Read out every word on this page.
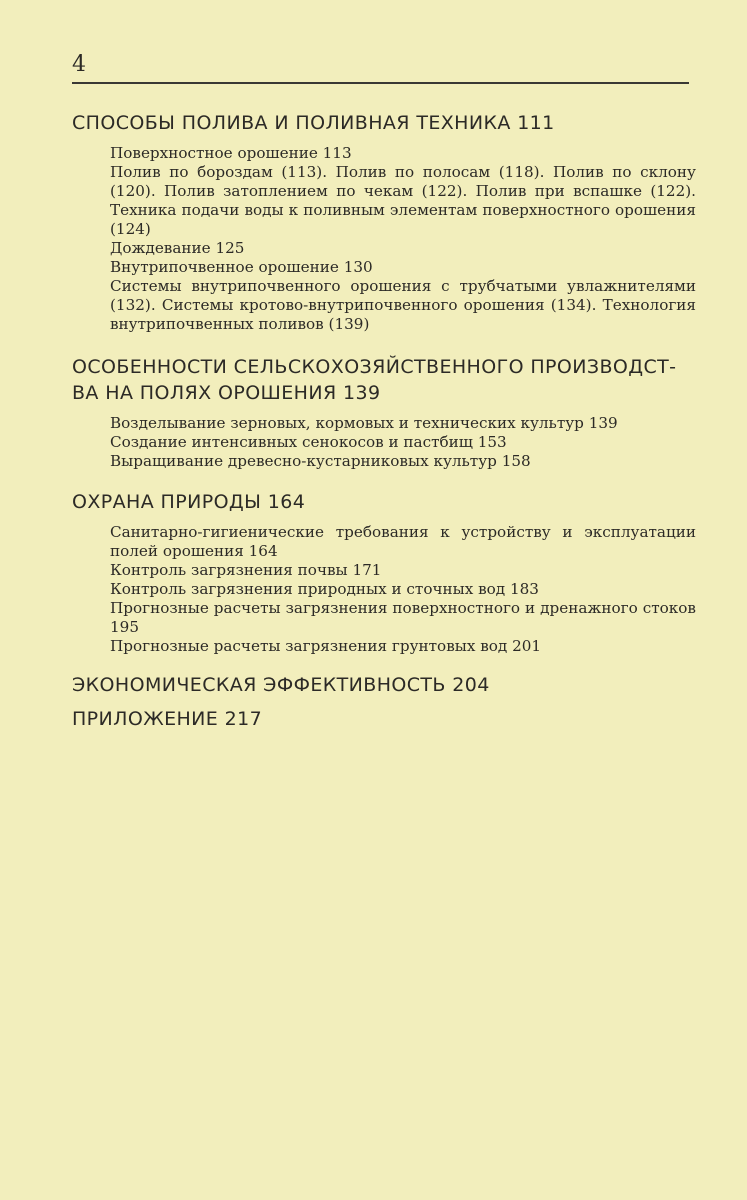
4
СПОСОБЫ ПОЛИВА И ПОЛИВНАЯ ТЕХНИКА 111
Поверхностное орошение 113
Полив по бороздам (113). Полив по полосам (118). Полив по склону (120). Полив затоплением по чекам (122). Полив при вспашке (122). Техника подачи воды к поливным элементам поверхностного орошения (124)
Дождевание 125
Внутрипочвенное орошение 130
Системы внутрипочвенного орошения с трубчатыми увлажнителями (132). Системы кротово-внутрипочвенного орошения (134). Технология внутрипочвенных поливов (139)
ОСОБЕННОСТИ СЕЛЬСКОХОЗЯЙСТВЕННОГО ПРОИЗВОДСТ-
ВА НА ПОЛЯХ ОРОШЕНИЯ 139
Возделывание зерновых, кормовых и технических культур 139
Создание интенсивных сенокосов и пастбищ 153
Выращивание древесно-кустарниковых культур 158
ОХРАНА ПРИРОДЫ 164
Санитарно-гигиенические требования к устройству и эксплуатации полей орошения 164
Контроль загрязнения почвы 171
Контроль загрязнения природных и сточных вод 183
Прогнозные расчеты загрязнения поверхностного и дренажного стоков 195
Прогнозные расчеты загрязнения грунтовых вод 201
ЭКОНОМИЧЕСКАЯ ЭФФЕКТИВНОСТЬ 204
ПРИЛОЖЕНИЕ 217
